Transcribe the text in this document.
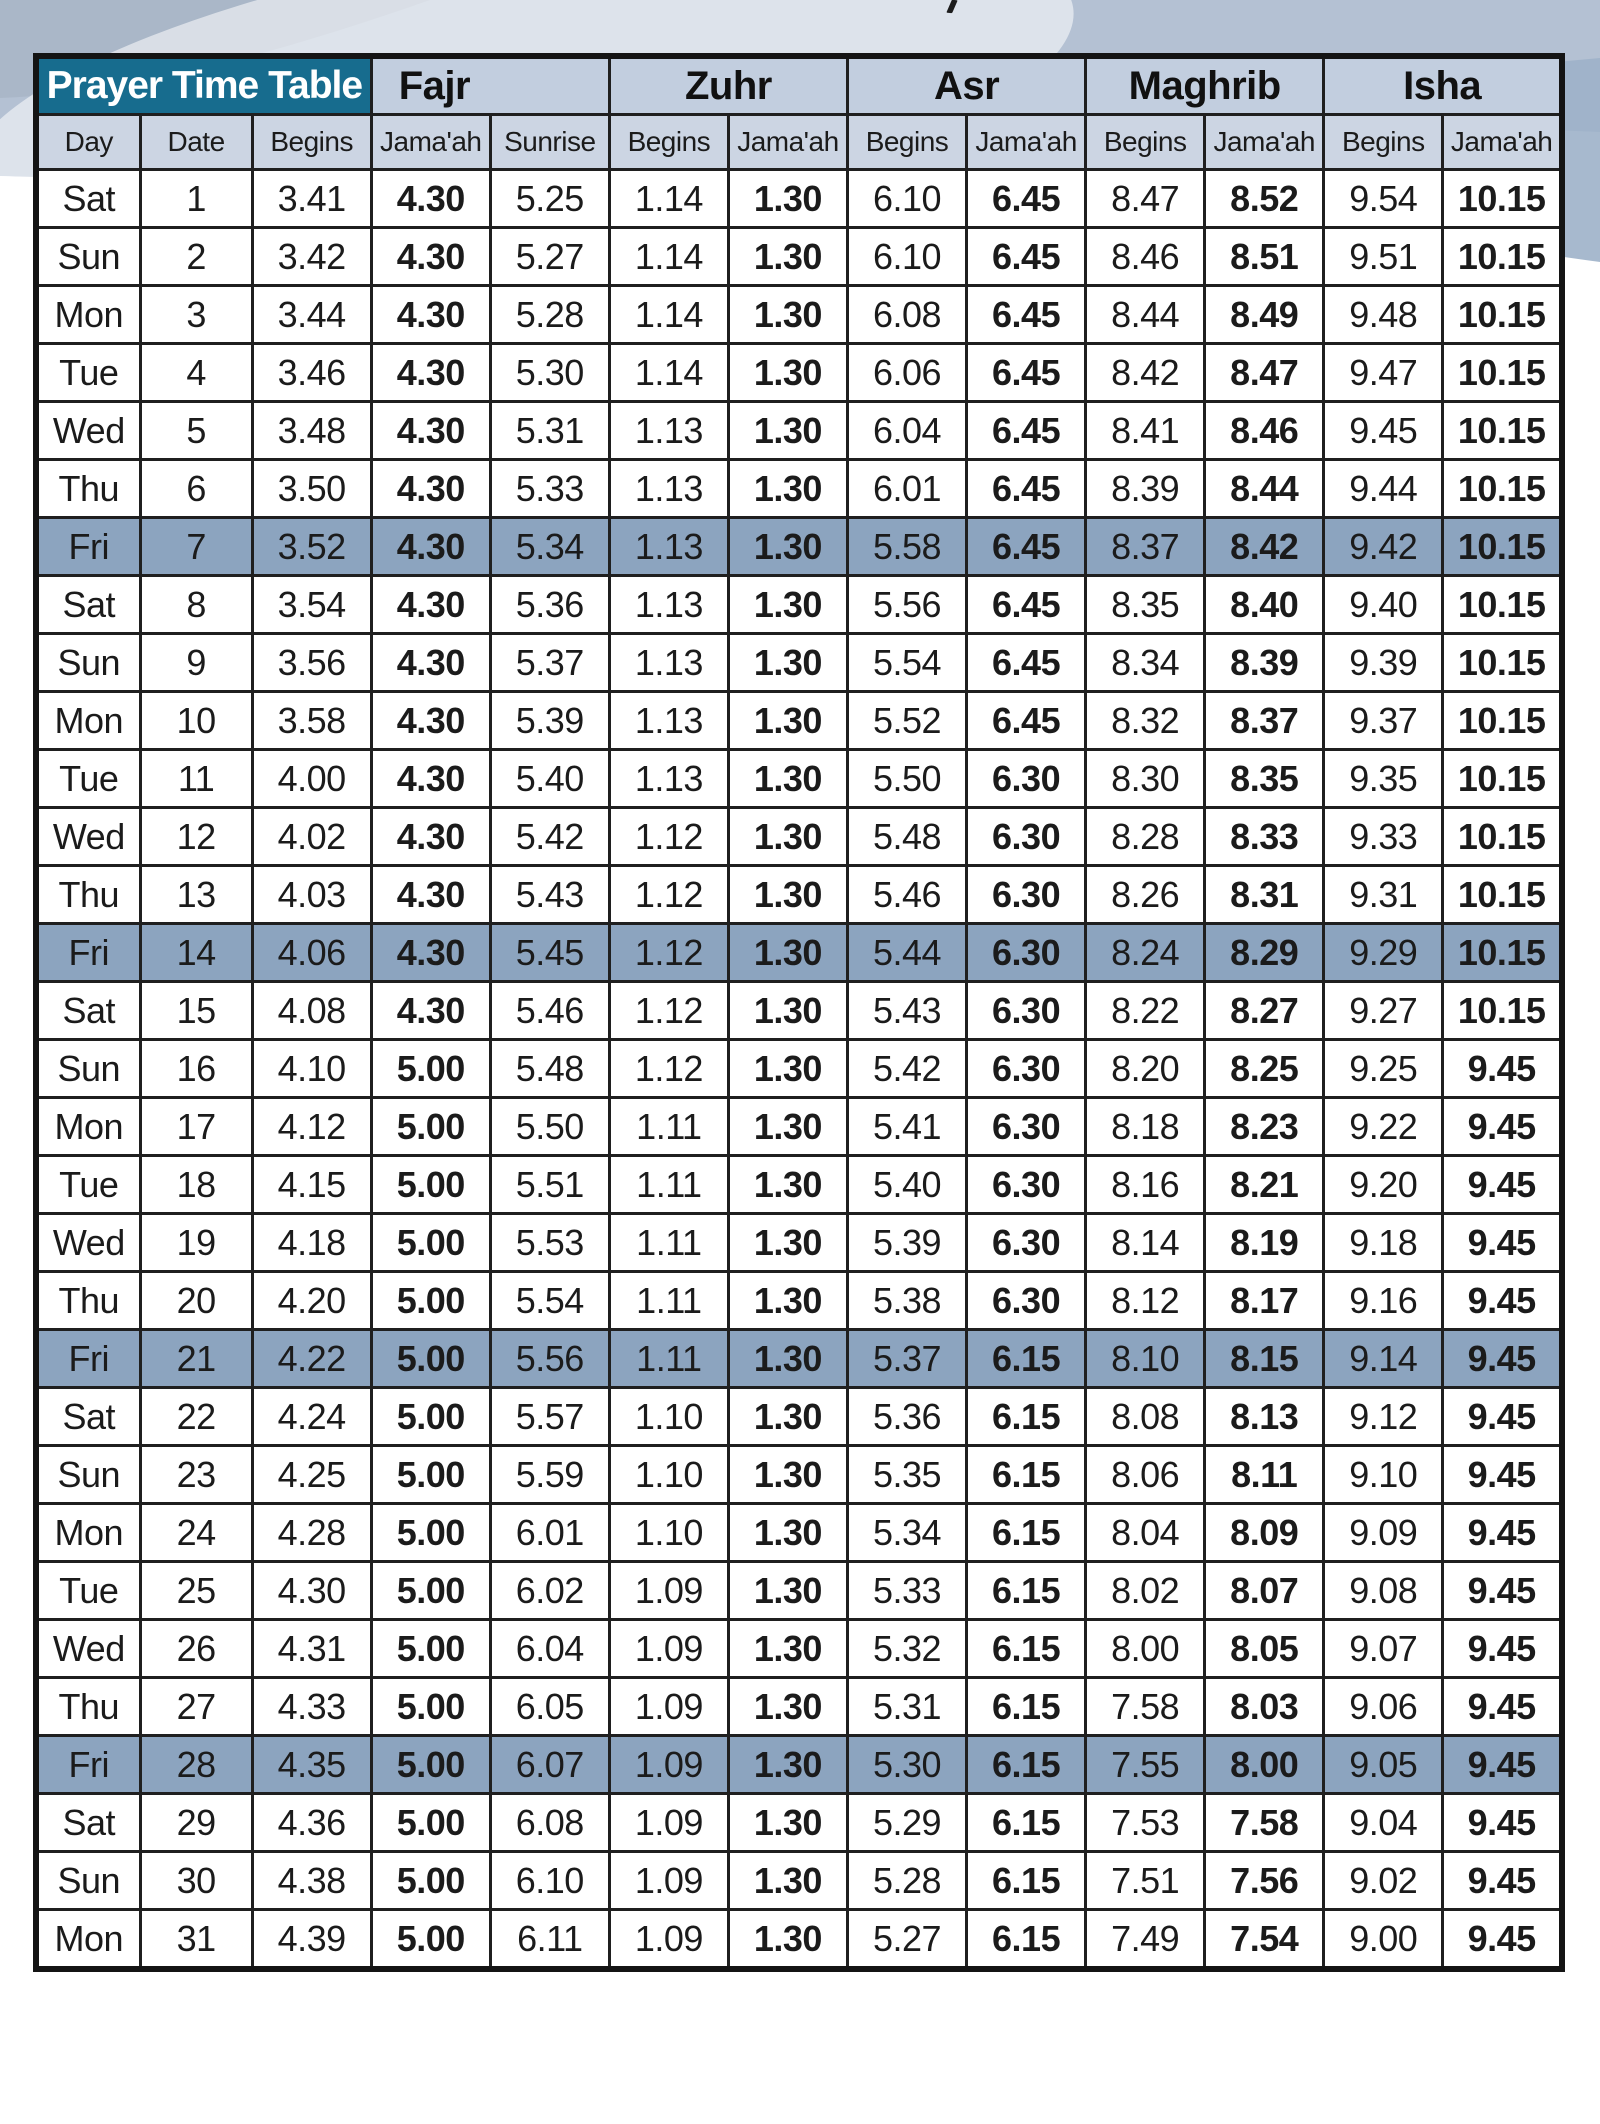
Prayer Time Table			Fajr		Zuhr		Asr		Maghrib		Isha	
Day	Date	Begins	Jama'ah	Sunrise	Begins	Jama'ah	Begins	Jama'ah	Begins	Jama'ah	Begins	Jama'ah
Sat	1	3.41	4.30	5.25	1.14	1.30	6.10	6.45	8.47	8.52	9.54	10.15
Sun	2	3.42	4.30	5.27	1.14	1.30	6.10	6.45	8.46	8.51	9.51	10.15
Mon	3	3.44	4.30	5.28	1.14	1.30	6.08	6.45	8.44	8.49	9.48	10.15
Tue	4	3.46	4.30	5.30	1.14	1.30	6.06	6.45	8.42	8.47	9.47	10.15
Wed	5	3.48	4.30	5.31	1.13	1.30	6.04	6.45	8.41	8.46	9.45	10.15
Thu	6	3.50	4.30	5.33	1.13	1.30	6.01	6.45	8.39	8.44	9.44	10.15
Fri	7	3.52	4.30	5.34	1.13	1.30	5.58	6.45	8.37	8.42	9.42	10.15
Sat	8	3.54	4.30	5.36	1.13	1.30	5.56	6.45	8.35	8.40	9.40	10.15
Sun	9	3.56	4.30	5.37	1.13	1.30	5.54	6.45	8.34	8.39	9.39	10.15
Mon	10	3.58	4.30	5.39	1.13	1.30	5.52	6.45	8.32	8.37	9.37	10.15
Tue	11	4.00	4.30	5.40	1.13	1.30	5.50	6.30	8.30	8.35	9.35	10.15
Wed	12	4.02	4.30	5.42	1.12	1.30	5.48	6.30	8.28	8.33	9.33	10.15
Thu	13	4.03	4.30	5.43	1.12	1.30	5.46	6.30	8.26	8.31	9.31	10.15
Fri	14	4.06	4.30	5.45	1.12	1.30	5.44	6.30	8.24	8.29	9.29	10.15
Sat	15	4.08	4.30	5.46	1.12	1.30	5.43	6.30	8.22	8.27	9.27	10.15
Sun	16	4.10	5.00	5.48	1.12	1.30	5.42	6.30	8.20	8.25	9.25	9.45
Mon	17	4.12	5.00	5.50	1.11	1.30	5.41	6.30	8.18	8.23	9.22	9.45
Tue	18	4.15	5.00	5.51	1.11	1.30	5.40	6.30	8.16	8.21	9.20	9.45
Wed	19	4.18	5.00	5.53	1.11	1.30	5.39	6.30	8.14	8.19	9.18	9.45
Thu	20	4.20	5.00	5.54	1.11	1.30	5.38	6.30	8.12	8.17	9.16	9.45
Fri	21	4.22	5.00	5.56	1.11	1.30	5.37	6.15	8.10	8.15	9.14	9.45
Sat	22	4.24	5.00	5.57	1.10	1.30	5.36	6.15	8.08	8.13	9.12	9.45
Sun	23	4.25	5.00	5.59	1.10	1.30	5.35	6.15	8.06	8.11	9.10	9.45
Mon	24	4.28	5.00	6.01	1.10	1.30	5.34	6.15	8.04	8.09	9.09	9.45
Tue	25	4.30	5.00	6.02	1.09	1.30	5.33	6.15	8.02	8.07	9.08	9.45
Wed	26	4.31	5.00	6.04	1.09	1.30	5.32	6.15	8.00	8.05	9.07	9.45
Thu	27	4.33	5.00	6.05	1.09	1.30	5.31	6.15	7.58	8.03	9.06	9.45
Fri	28	4.35	5.00	6.07	1.09	1.30	5.30	6.15	7.55	8.00	9.05	9.45
Sat	29	4.36	5.00	6.08	1.09	1.30	5.29	6.15	7.53	7.58	9.04	9.45
Sun	30	4.38	5.00	6.10	1.09	1.30	5.28	6.15	7.51	7.56	9.02	9.45
Mon	31	4.39	5.00	6.11	1.09	1.30	5.27	6.15	7.49	7.54	9.00	9.45
